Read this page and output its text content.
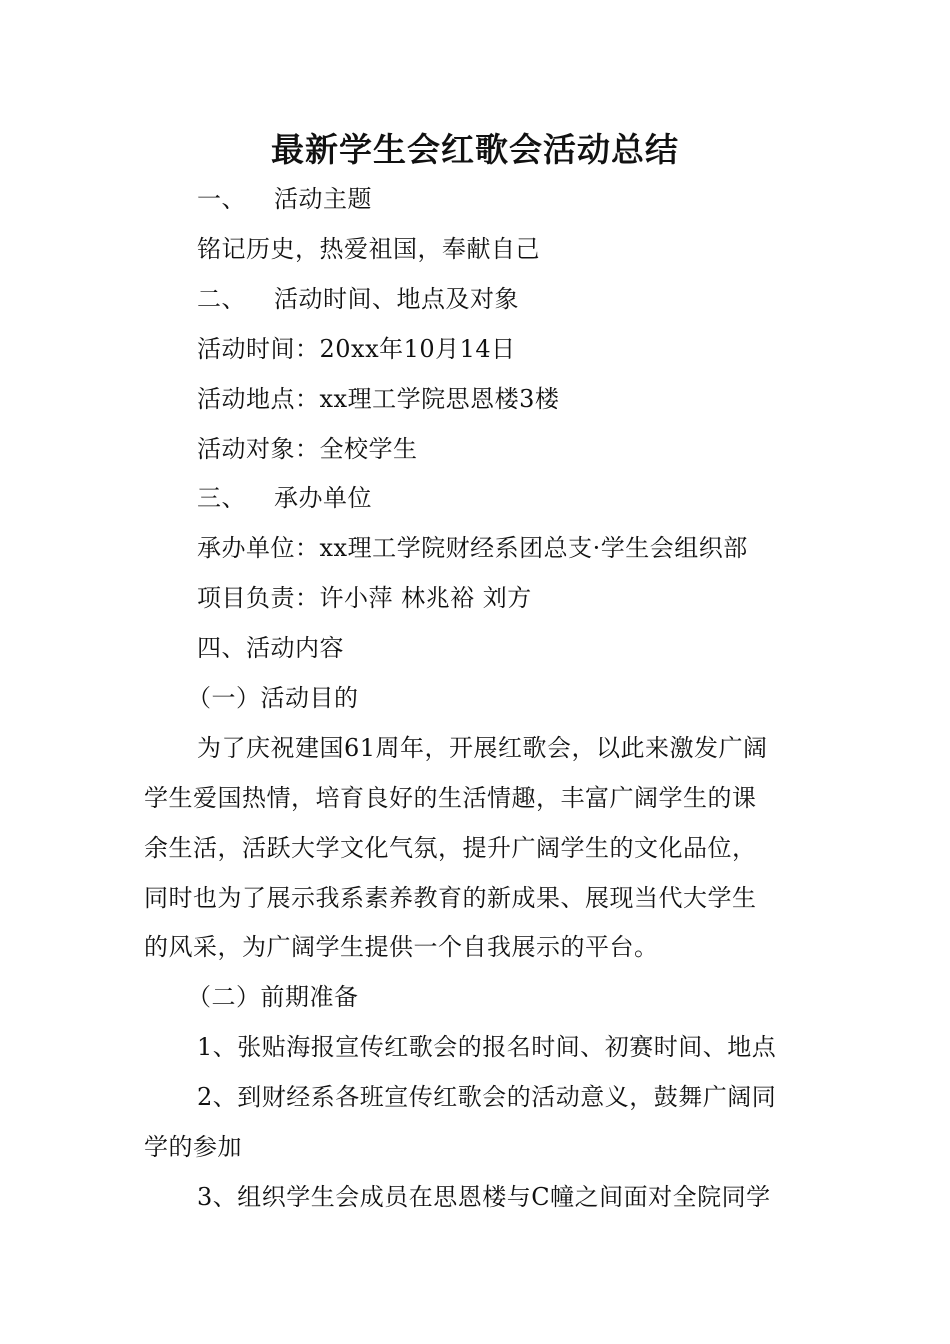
最新学生会红歌会活动总结
一、 活动主题
铭记历史，热爱祖国，奉献自己
二、 活动时间、地点及对象
活动时间：20xx年10月14日
活动地点：xx理工学院思恩楼3楼
活动对象：全校学生
三、 承办单位
承办单位：xx理工学院财经系团总支·学生会组织部
项目负责：许小萍 林兆裕 刘方
四、活动内容
（一）活动目的
为了庆祝建国61周年，开展红歌会，以此来激发广阔
学生爱国热情，培育良好的生活情趣，丰富广阔学生的课
余生活，活跃大学文化气氛，提升广阔学生的文化品位，
同时也为了展示我系素养教育的新成果、展现当代大学生
的风采，为广阔学生提供一个自我展示的平台。
（二）前期准备
1、张贴海报宣传红歌会的报名时间、初赛时间、地点
2、到财经系各班宣传红歌会的活动意义，鼓舞广阔同
学的参加
3、组织学生会成员在思恩楼与C幢之间面对全院同学
